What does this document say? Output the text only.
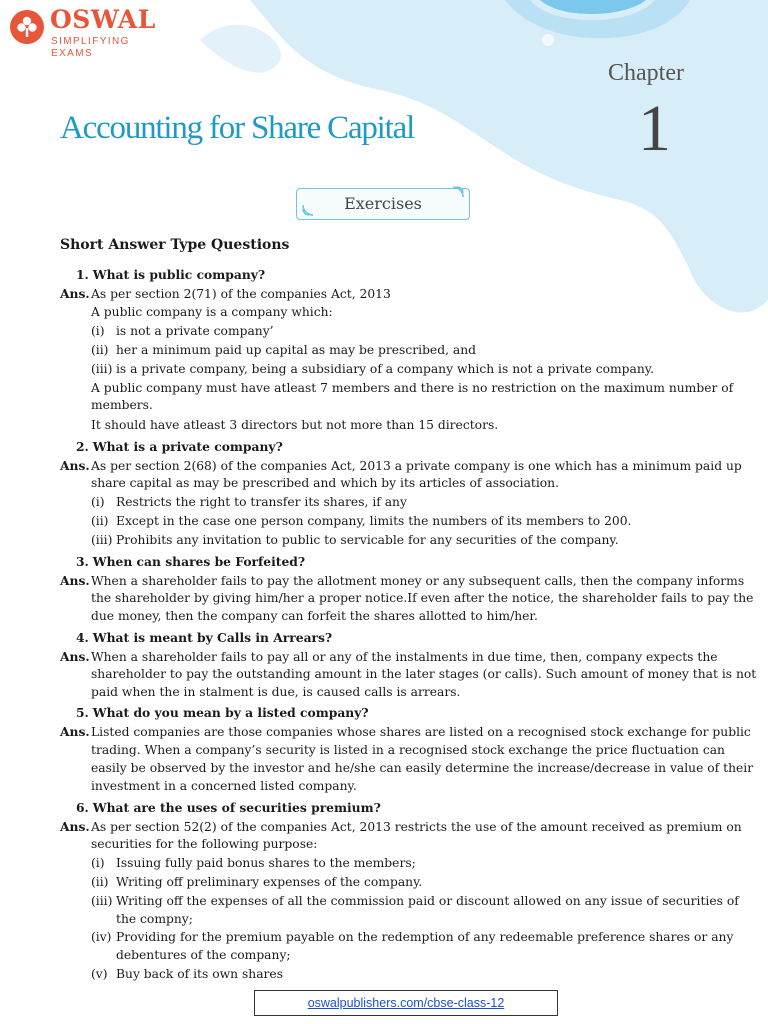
OSWAL
SIMPLIFYING EXAMS
Chapter
1
Accounting for Share Capital
Exercises
Short Answer Type Questions
1. What is public company?
Ans.As per section 2(71) of the companies Act, 2013
A public company is a company which:
(i) is not a private company’
(ii) her a minimum paid up capital as may be prescribed, and
(iii) is a private company, being a subsidiary of a company which is not a private company.
A public company must have atleast 7 members and there is no restriction on the maximum number of
members.
It should have atleast 3 directors but not more than 15 directors.
2. What is a private company?
Ans.As per section 2(68) of the companies Act, 2013 a private company is one which has a minimum paid up
share capital as may be prescribed and which by its articles of association.
(i) Restricts the right to transfer its shares, if any
(ii) Except in the case one person company, limits the numbers of its members to 200.
(iii) Prohibits any invitation to public to servicable for any securities of the company.
3. When can shares be Forfeited?
Ans.When a shareholder fails to pay the allotment money or any subsequent calls, then the company informs
the shareholder by giving him/her a proper notice.If even after the notice, the shareholder fails to pay the
due money, then the company can forfeit the shares allotted to him/her.
4. What is meant by Calls in Arrears?
Ans.When a shareholder fails to pay all or any of the instalments in due time, then, company expects the
shareholder to pay the outstanding amount in the later stages (or calls). Such amount of money that is not
paid when the in stalment is due, is caused calls is arrears.
5. What do you mean by a listed company?
Ans.Listed companies are those companies whose shares are listed on a recognised stock exchange for public
trading. When a company’s security is listed in a recognised stock exchange the price fluctuation can
easily be observed by the investor and he/she can easily determine the increase/decrease in value of their
investment in a concerned listed company.
6. What are the uses of securities premium?
Ans.As per section 52(2) of the companies Act, 2013 restricts the use of the amount received as premium on
securities for the following purpose:
(i) Issuing fully paid bonus shares to the members;
(ii) Writing off preliminary expenses of the company.
(iii) Writing off the expenses of all the commission paid or discount allowed on any issue of securities of
the compny;
(iv) Providing for the premium payable on the redemption of any redeemable preference shares or any
debentures of the company;
(v) Buy back of its own shares
oswalpublishers.com/cbse-class-12
